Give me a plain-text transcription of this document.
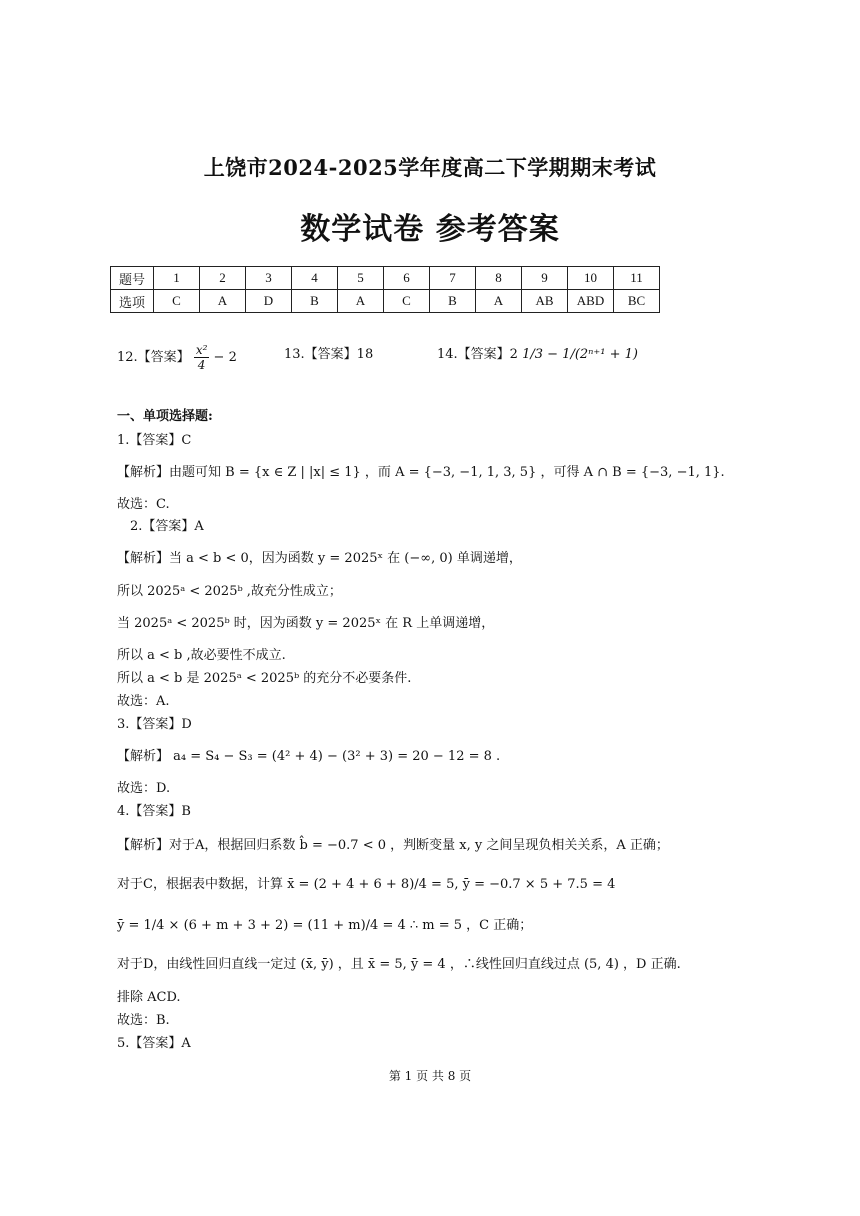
上饶市2024-2025学年度高二下学期期末考试
数学试卷 参考答案
题号	1	2	3	4	5	6	7	8	9	10	11
选项	C	A	D	B	A	C	B	A	AB	ABD	BC
12.【答案】 $\frac{\text{x²}}{4} - 2$	13.【答案】18	14.【答案】2 1/3 − 1/(2ⁿ⁺¹ + 1)
一、单项选择题:
1.【答案】C
【解析】由题可知 B = {x ∈ Z | |x| ≤ 1} ，而 A = {−3, −1, 1, 3, 5} ，可得 A ∩ B = {−3, −1, 1}.
故选：C.
2.【答案】A
【解析】当 a < b < 0，因为函数 y = 2025ˣ 在 (−∞, 0) 单调递增，
所以 2025ᵃ < 2025ᵇ ,故充分性成立；
当 2025ᵃ < 2025ᵇ 时，因为函数 y = 2025ˣ 在 R 上单调递增，
所以 a < b ,故必要性不成立.
所以 a < b 是 2025ᵃ < 2025ᵇ 的充分不必要条件.
故选：A.
3.【答案】D
【解析】 a₄ = S₄ − S₃ = (4² + 4) − (3² + 3) = 20 − 12 = 8 .
故选：D.
4.【答案】B
【解析】对于A，根据回归系数 b̂ = −0.7 < 0 ，判断变量 x, y 之间呈现负相关关系，A 正确；
对于C，根据表中数据，计算 x̄ = (2 + 4 + 6 + 8)/4 = 5, ȳ = −0.7 × 5 + 7.5 = 4
ȳ = 1/4 × (6 + m + 3 + 2) = (11 + m)/4 = 4 ∴ m = 5 ，C 正确；
对于D，由线性回归直线一定过 (x̄, ȳ) ，且 x̄ = 5, ȳ = 4 ，∴线性回归直线过点 (5, 4) ，D 正确.
排除 ACD.
故选：B.
5.【答案】A
第 1 页 共 8 页
